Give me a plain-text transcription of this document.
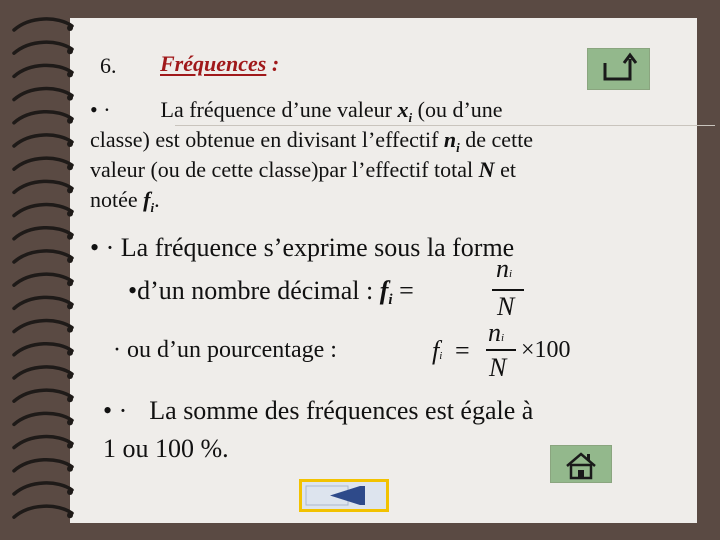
6. Fréquences :
• · La fréquence d’une valeur $x_i$ (ou d’une
classe) est obtenue en divisant l’effectif $n_i$ de cette
valeur (ou de cette classe)par l’effectif total N et
notée $f_i$.
• · La fréquence s’exprime sous la forme
•d’un nombre décimal : fi =
ni
N
· ou d’un pourcentage :	fi =
ni
N
×100
• · La somme des fréquences est égale à
1 ou 100 %.
